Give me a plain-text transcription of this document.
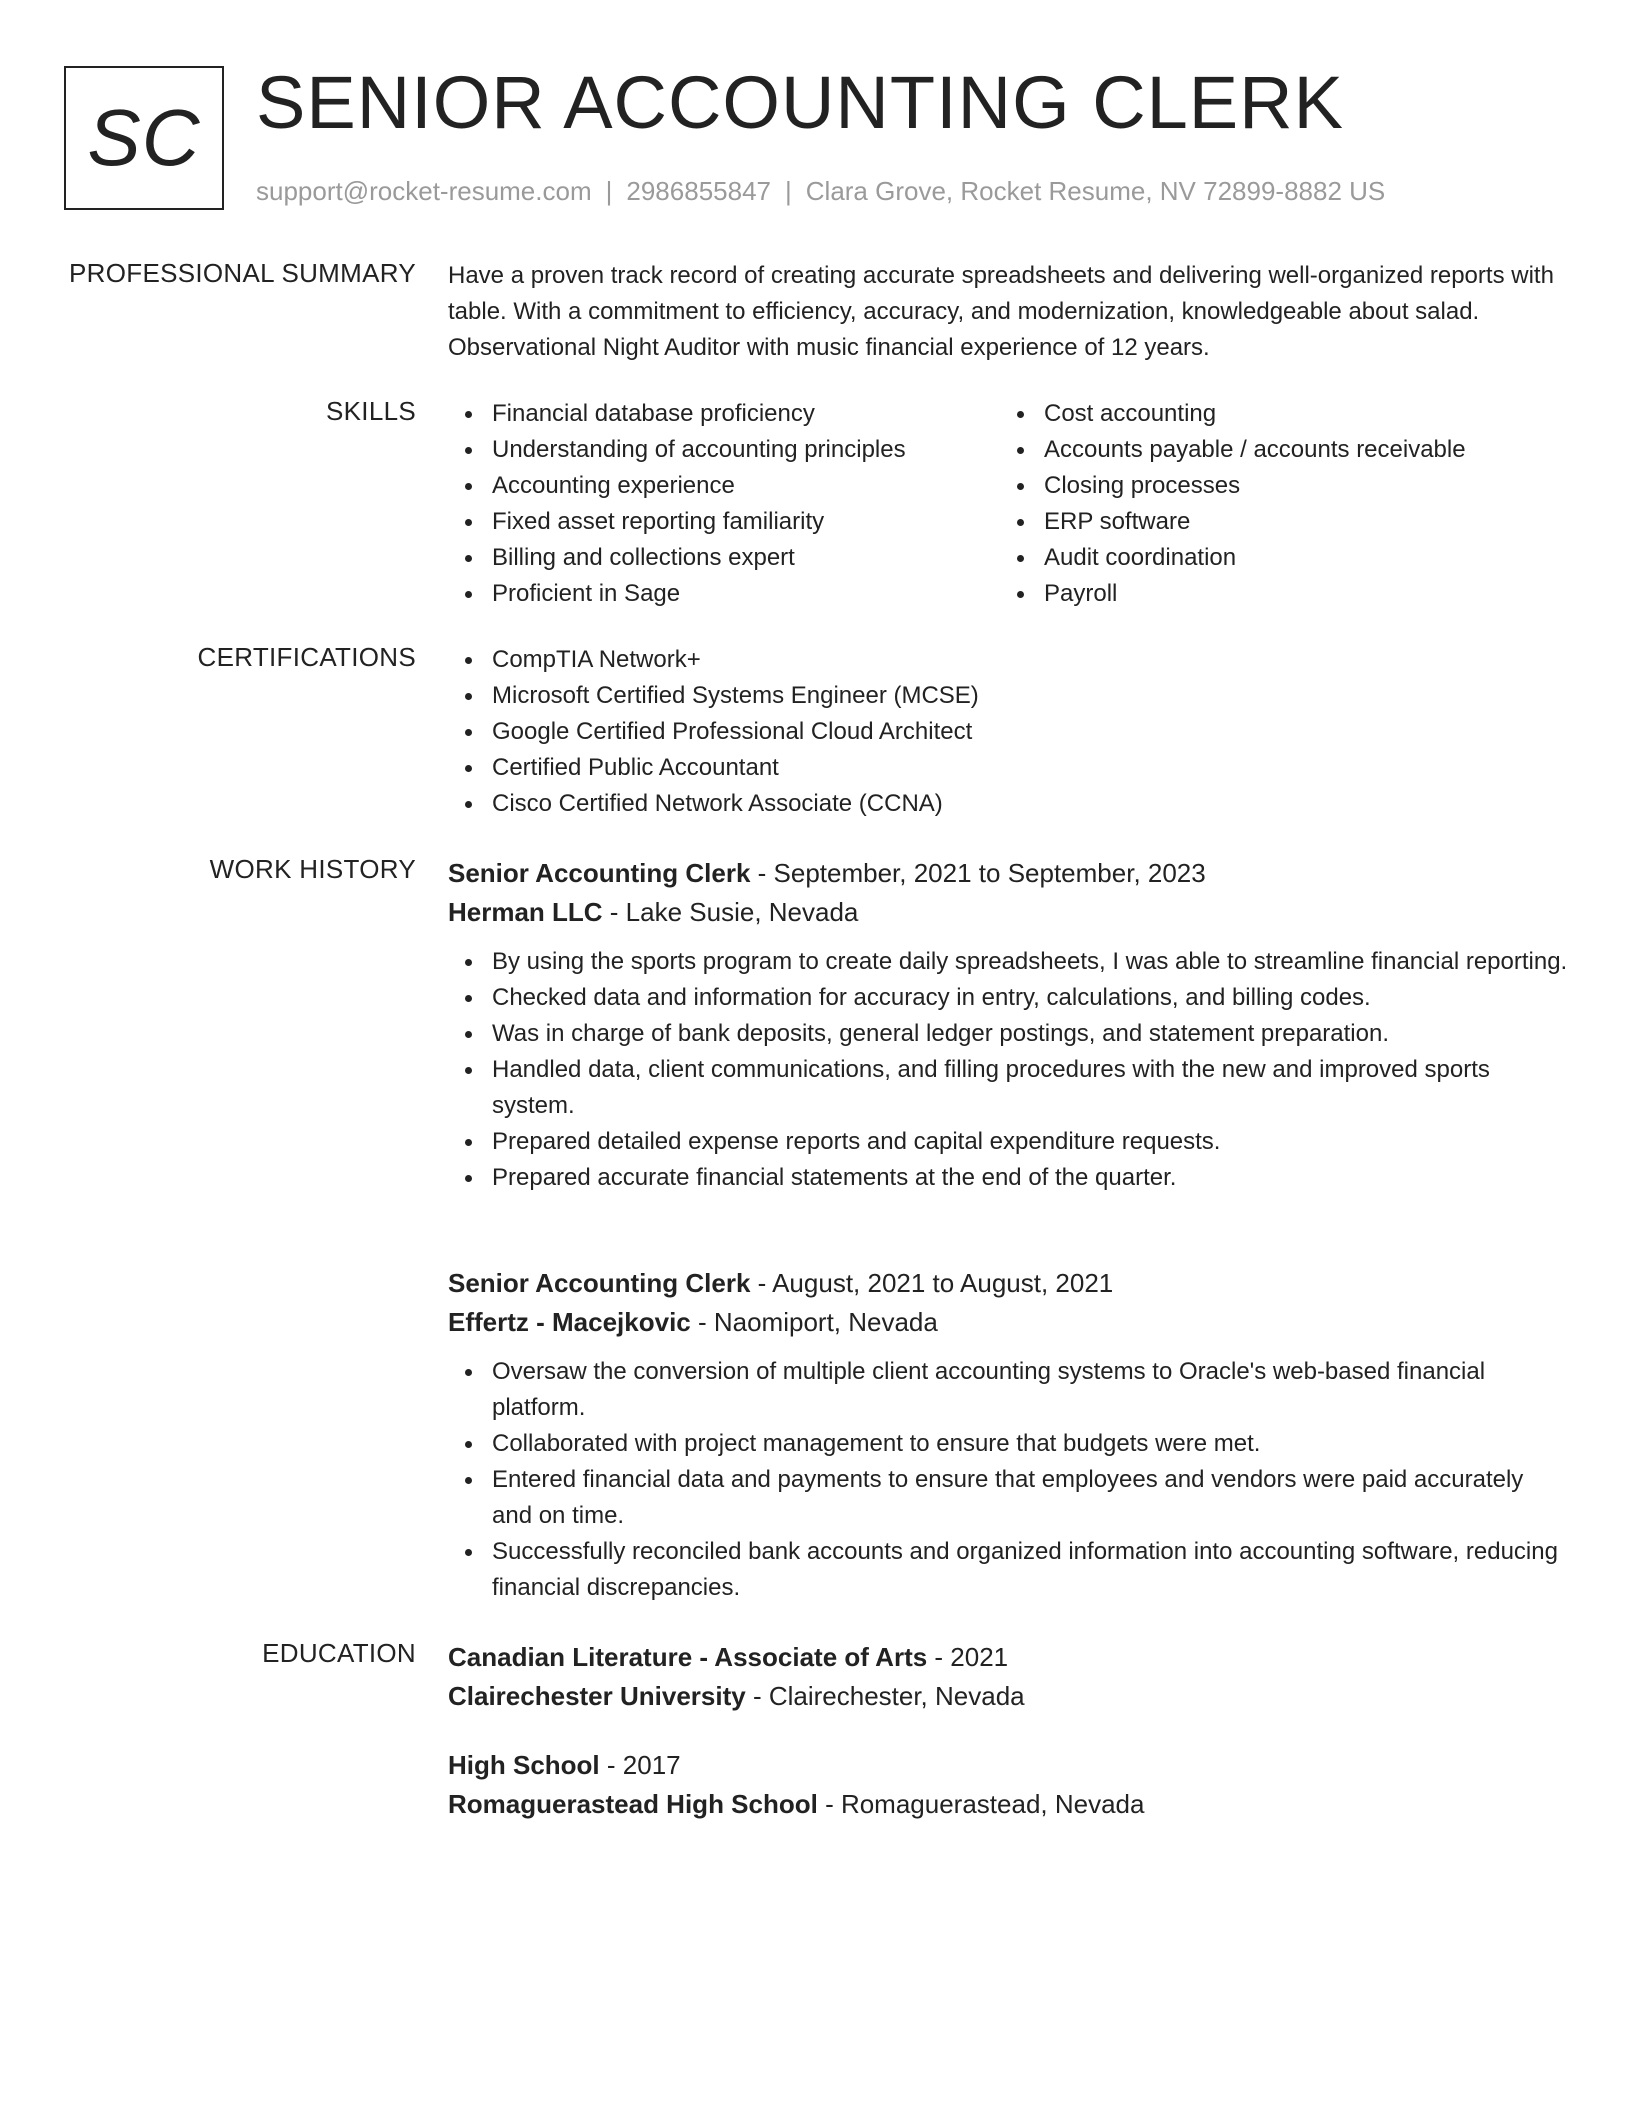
SC SENIOR ACCOUNTING CLERK
support@rocket-resume.com | 2986855847 | Clara Grove, Rocket Resume, NV 72899-8882 US
PROFESSIONAL SUMMARY Have a proven track record of creating accurate spreadsheets and delivering well-organized reports with table. With a commitment to efficiency, accuracy, and modernization, knowledgeable about salad. Observational Night Auditor with music financial experience of 12 years.

SKILLS	Financial database proficiency
Understanding of accounting principles
Accounting experience
Fixed asset reporting familiarity
Billing and collections expert
Proficient in Sage
Cost accounting
Accounts payable / accounts receivable
Closing processes
ERP software
Audit coordination
Payroll
CERTIFICATIONS	CompTIA Network+
Microsoft Certified Systems Engineer (MCSE)
Google Certified Professional Cloud Architect
Certified Public Accountant
Cisco Certified Network Associate (CCNA)
WORK HISTORY Senior Accounting Clerk - September, 2021 to September, 2023
Herman LLC - Lake Susie, Nevada
By using the sports program to create daily spreadsheets, I was able to streamline financial reporting.
Checked data and information for accuracy in entry, calculations, and billing codes.
Was in charge of bank deposits, general ledger postings, and statement preparation.
Handled data, client communications, and filling procedures with the new and improved sports system.
Prepared detailed expense reports and capital expenditure requests.
Prepared accurate financial statements at the end of the quarter.
Senior Accounting Clerk - August, 2021 to August, 2021
Effertz - Macejkovic - Naomiport, Nevada
Oversaw the conversion of multiple client accounting systems to Oracle's web-based financial platform.
Collaborated with project management to ensure that budgets were met.
Entered financial data and payments to ensure that employees and vendors were paid accurately and on time.
Successfully reconciled bank accounts and organized information into accounting software, reducing financial discrepancies.
EDUCATION Canadian Literature - Associate of Arts - 2021
Clairechester University - Clairechester, Nevada
High School - 2017
Romaguerastead High School - Romaguerastead, Nevada
